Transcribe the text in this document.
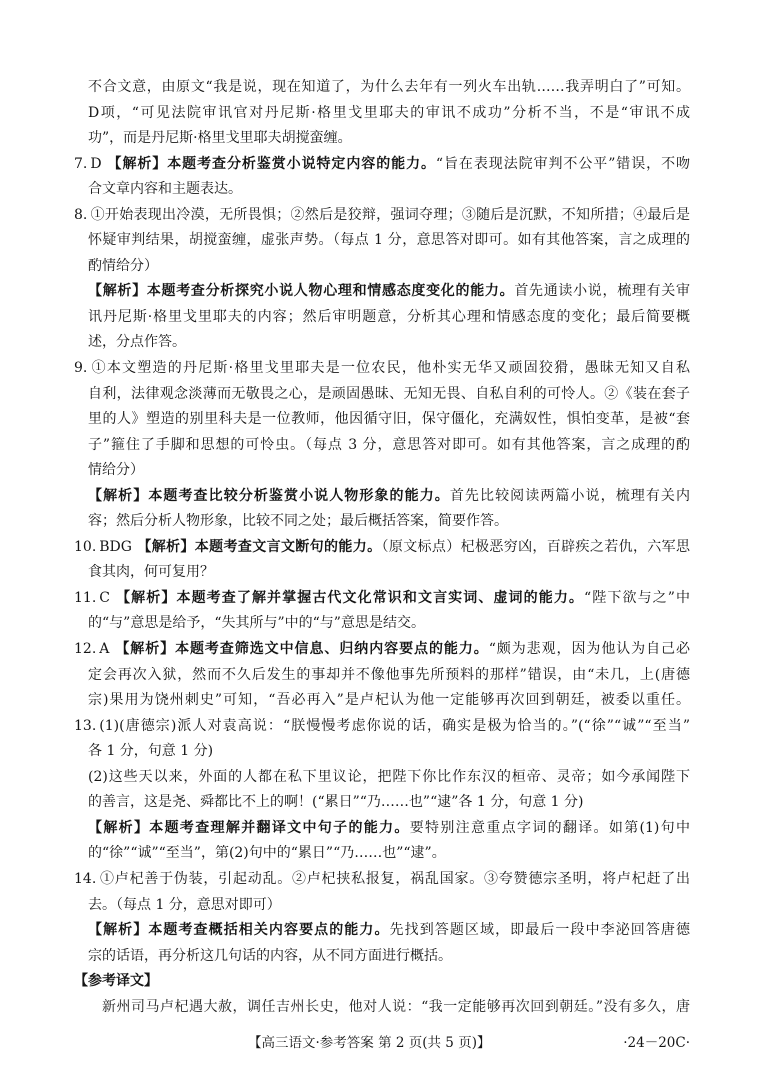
不合文意，由原文“我是说，现在知道了，为什么去年有一列火车出轨……我弄明白了”可知。
D项，“可见法院审讯官对丹尼斯·格里戈里耶夫的审讯不成功”分析不当，不是“审讯不成
功”，而是丹尼斯·格里戈里耶夫胡搅蛮缠。
7. D 【解析】本题考查分析鉴赏小说特定内容的能力。“旨在表现法院审判不公平”错误，不吻
合文章内容和主题表达。
8. ①开始表现出冷漠，无所畏惧；②然后是狡辩，强词夺理；③随后是沉默，不知所措；④最后是
怀疑审判结果，胡搅蛮缠，虚张声势。（每点 1 分，意思答对即可。如有其他答案，言之成理的
酌情给分）
【解析】本题考查分析探究小说人物心理和情感态度变化的能力。首先通读小说，梳理有关审
讯丹尼斯·格里戈里耶夫的内容；然后审明题意，分析其心理和情感态度的变化；最后简要概
述，分点作答。
9. ①本文塑造的丹尼斯·格里戈里耶夫是一位农民，他朴实无华又顽固狡猾，愚昧无知又自私
自利，法律观念淡薄而无敬畏之心，是顽固愚昧、无知无畏、自私自利的可怜人。②《装在套子
里的人》塑造的别里科夫是一位教师，他因循守旧，保守僵化，充满奴性，惧怕变革，是被“套
子”箍住了手脚和思想的可怜虫。（每点 3 分，意思答对即可。如有其他答案，言之成理的酌
情给分）
【解析】本题考查比较分析鉴赏小说人物形象的能力。首先比较阅读两篇小说，梳理有关内
容；然后分析人物形象，比较不同之处；最后概括答案，简要作答。
10. BDG 【解析】本题考查文言文断句的能力。（原文标点）杞极恶穷凶，百辟疾之若仇，六军思
食其肉，何可复用？
11. C 【解析】本题考查了解并掌握古代文化常识和文言实词、虚词的能力。“陛下欲与之”中
的“与”意思是给予，“失其所与”中的“与”意思是结交。
12. A 【解析】本题考查筛选文中信息、归纳内容要点的能力。“颇为悲观，因为他认为自己必
定会再次入狱，然而不久后发生的事却并不像他事先所预料的那样”错误，由“未几，上(唐德
宗)果用为饶州刺史”可知，“吾必再入”是卢杞认为他一定能够再次回到朝廷，被委以重任。
13. (1)(唐德宗)派人对袁高说：“朕慢慢考虑你说的话，确实是极为恰当的。”(“徐”“诚”“至当”
各 1 分，句意 1 分)
(2)这些天以来，外面的人都在私下里议论，把陛下你比作东汉的桓帝、灵帝；如今承闻陛下
的善言，这是尧、舜都比不上的啊！(“累日”“乃……也”“逮”各 1 分，句意 1 分)
【解析】本题考查理解并翻译文中句子的能力。要特别注意重点字词的翻译。如第(1)句中
的“徐”“诚”“至当”，第(2)句中的“累日”“乃……也”“逮”。
14. ①卢杞善于伪装，引起动乱。②卢杞挟私报复，祸乱国家。③夸赞德宗圣明，将卢杞赶了出
去。（每点 1 分，意思对即可）
【解析】本题考查概括相关内容要点的能力。先找到答题区域，即最后一段中李泌回答唐德
宗的话语，再分析这几句话的内容，从不同方面进行概括。
【参考译文】
新州司马卢杞遇大赦，调任吉州长史，他对人说：“我一定能够再次回到朝廷。”没有多久，唐
【高三语文·参考答案 第 2 页(共 5 页)】	·24－20C·
